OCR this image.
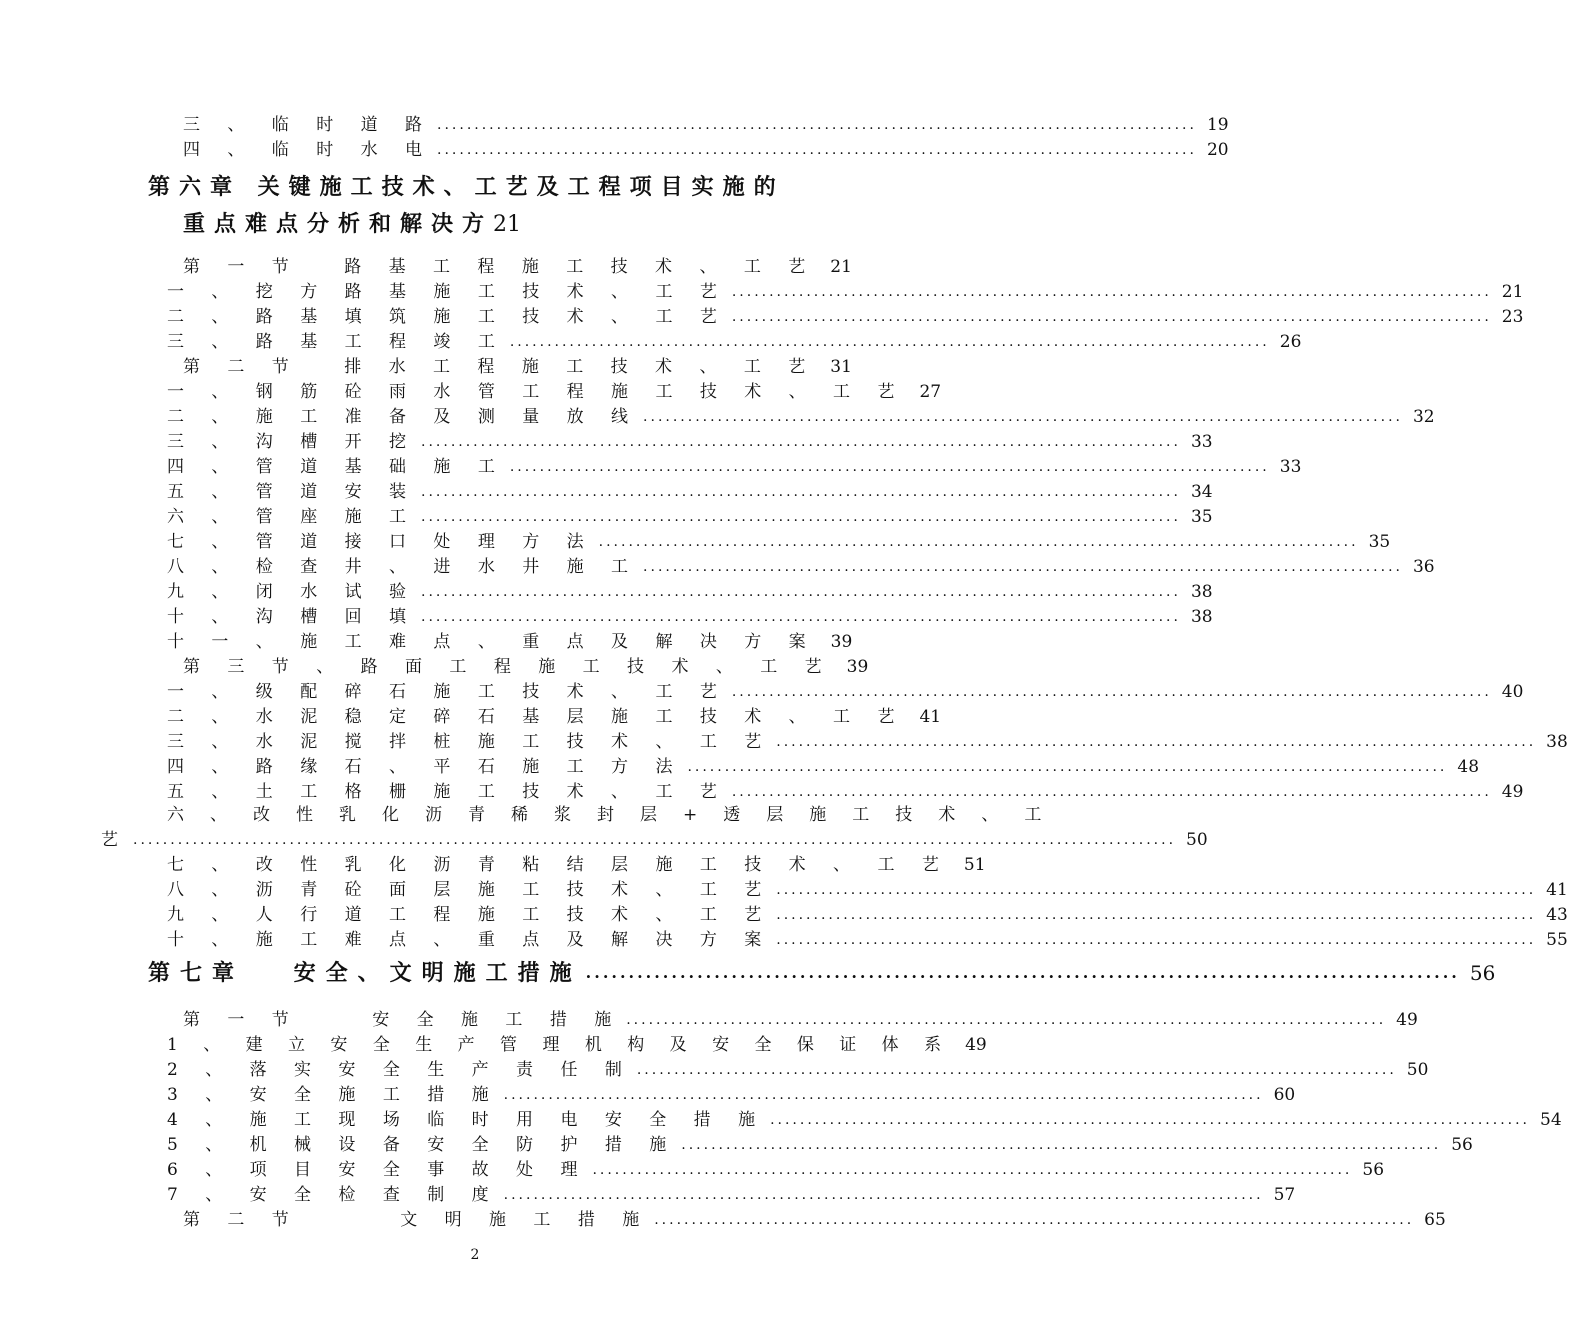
三 、 临 时 道 路 ...................................................................................................... 19
四 、 临 时 水 电 ...................................................................................................... 20
第六章 关键施工技术、工艺及工程项目实施的
重点难点分析和解决方21
第 一 节　 路 基 工 程 施 工 技 术 、 工 艺 21
一 、 挖 方 路 基 施 工 技 术 、 工 艺 ...................................................................................................... 21
二 、 路 基 填 筑 施 工 技 术 、 工 艺 ...................................................................................................... 23
三 、 路 基 工 程 竣 工 ...................................................................................................... 26
第 二 节　 排 水 工 程 施 工 技 术 、 工 艺 31
一 、 钢 筋 砼 雨 水 管 工 程 施 工 技 术 、 工 艺 27
二 、 施 工 准 备 及 测 量 放 线 ...................................................................................................... 32
三 、 沟 槽 开 挖 ...................................................................................................... 33
四 、 管 道 基 础 施 工 ...................................................................................................... 33
五 、 管 道 安 装 ...................................................................................................... 34
六 、 管 座 施 工 ...................................................................................................... 35
七 、 管 道 接 口 处 理 方 法 ...................................................................................................... 35
八 、 检 查 井 、 进 水 井 施 工 ...................................................................................................... 36
九 、 闭 水 试 验 ...................................................................................................... 38
十 、 沟 槽 回 填 ...................................................................................................... 38
十 一 、 施 工 难 点 、 重 点 及 解 决 方 案 39
第 三 节 、 路 面 工 程 施 工 技 术 、 工 艺 39
一 、 级 配 碎 石 施 工 技 术 、 工 艺 ...................................................................................................... 40
二 、 水 泥 稳 定 碎 石 基 层 施 工 技 术 、 工 艺 41
三 、 水 泥 搅 拌 桩 施 工 技 术 、 工 艺 ...................................................................................................... 38
四 、 路 缘 石 、 平 石 施 工 方 法 ...................................................................................................... 48
五 、 土 工 格 栅 施 工 技 术 、 工 艺 ...................................................................................................... 49
六 、 改 性 乳 化 沥 青 稀 浆 封 层 + 透 层 施 工 技 术 、 工
艺 ............................................................................................................................................ 50
七 、 改 性 乳 化 沥 青 粘 结 层 施 工 技 术 、 工 艺 51
八 、 沥 青 砼 面 层 施 工 技 术 、 工 艺 ...................................................................................................... 41
九 、 人 行 道 工 程 施 工 技 术 、 工 艺 ...................................................................................................... 43
十 、 施 工 难 点 、 重 点 及 解 决 方 案 ...................................................................................................... 55
第七章　 安全、文明施工措施 ...................................................................................................... 56
第 一 节　　 安 全 施 工 措 施 ...................................................................................................... 49
1 、 建 立 安 全 生 产 管 理 机 构 及 安 全 保 证 体 系 49
2 、 落 实 安 全 生 产 责 任 制 ...................................................................................................... 50
3 、 安 全 施 工 措 施 ...................................................................................................... 60
4 、 施 工 现 场 临 时 用 电 安 全 措 施 ...................................................................................................... 54
5 、 机 械 设 备 安 全 防 护 措 施 ...................................................................................................... 56
6 、 项 目 安 全 事 故 处 理 ...................................................................................................... 56
7 、 安 全 检 查 制 度 ...................................................................................................... 57
第 二 节　　　 文 明 施 工 措 施 ...................................................................................................... 65
2
